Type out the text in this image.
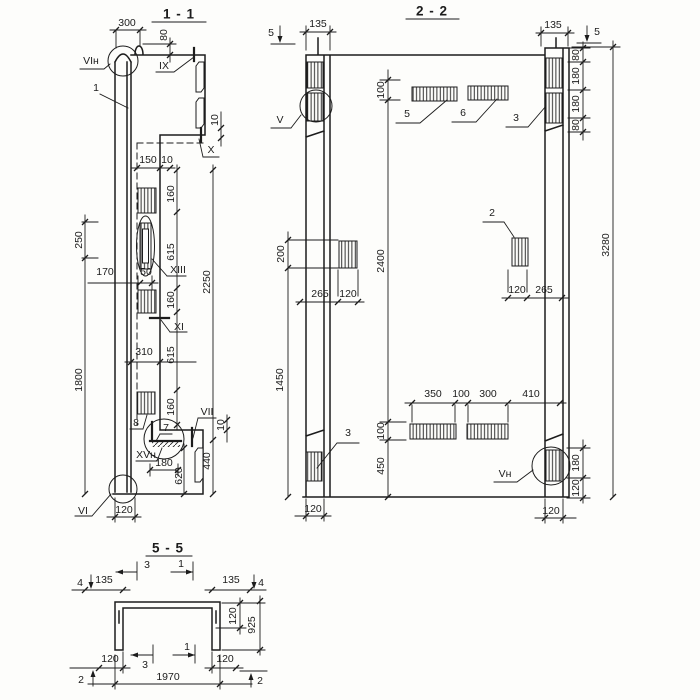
1 - 1
300
80
VIн	IX
1
10
X
150 10
160
250
615
XIII
170	50	2250
160
XI
310 615
1800
160
8 7
VII
10
XVн
180	440
620
VI	120
2 - 2
135
5
135
5
100
5	6	3
80
180
180
80
V
200
2
2400
3280
265 120	120 265
1450
350 100 300 410
100
450
3
Vн
180
120
120	120
5 - 5
4 135
3	1
135 4
120
925
120 3
1
120
1970
2	2
